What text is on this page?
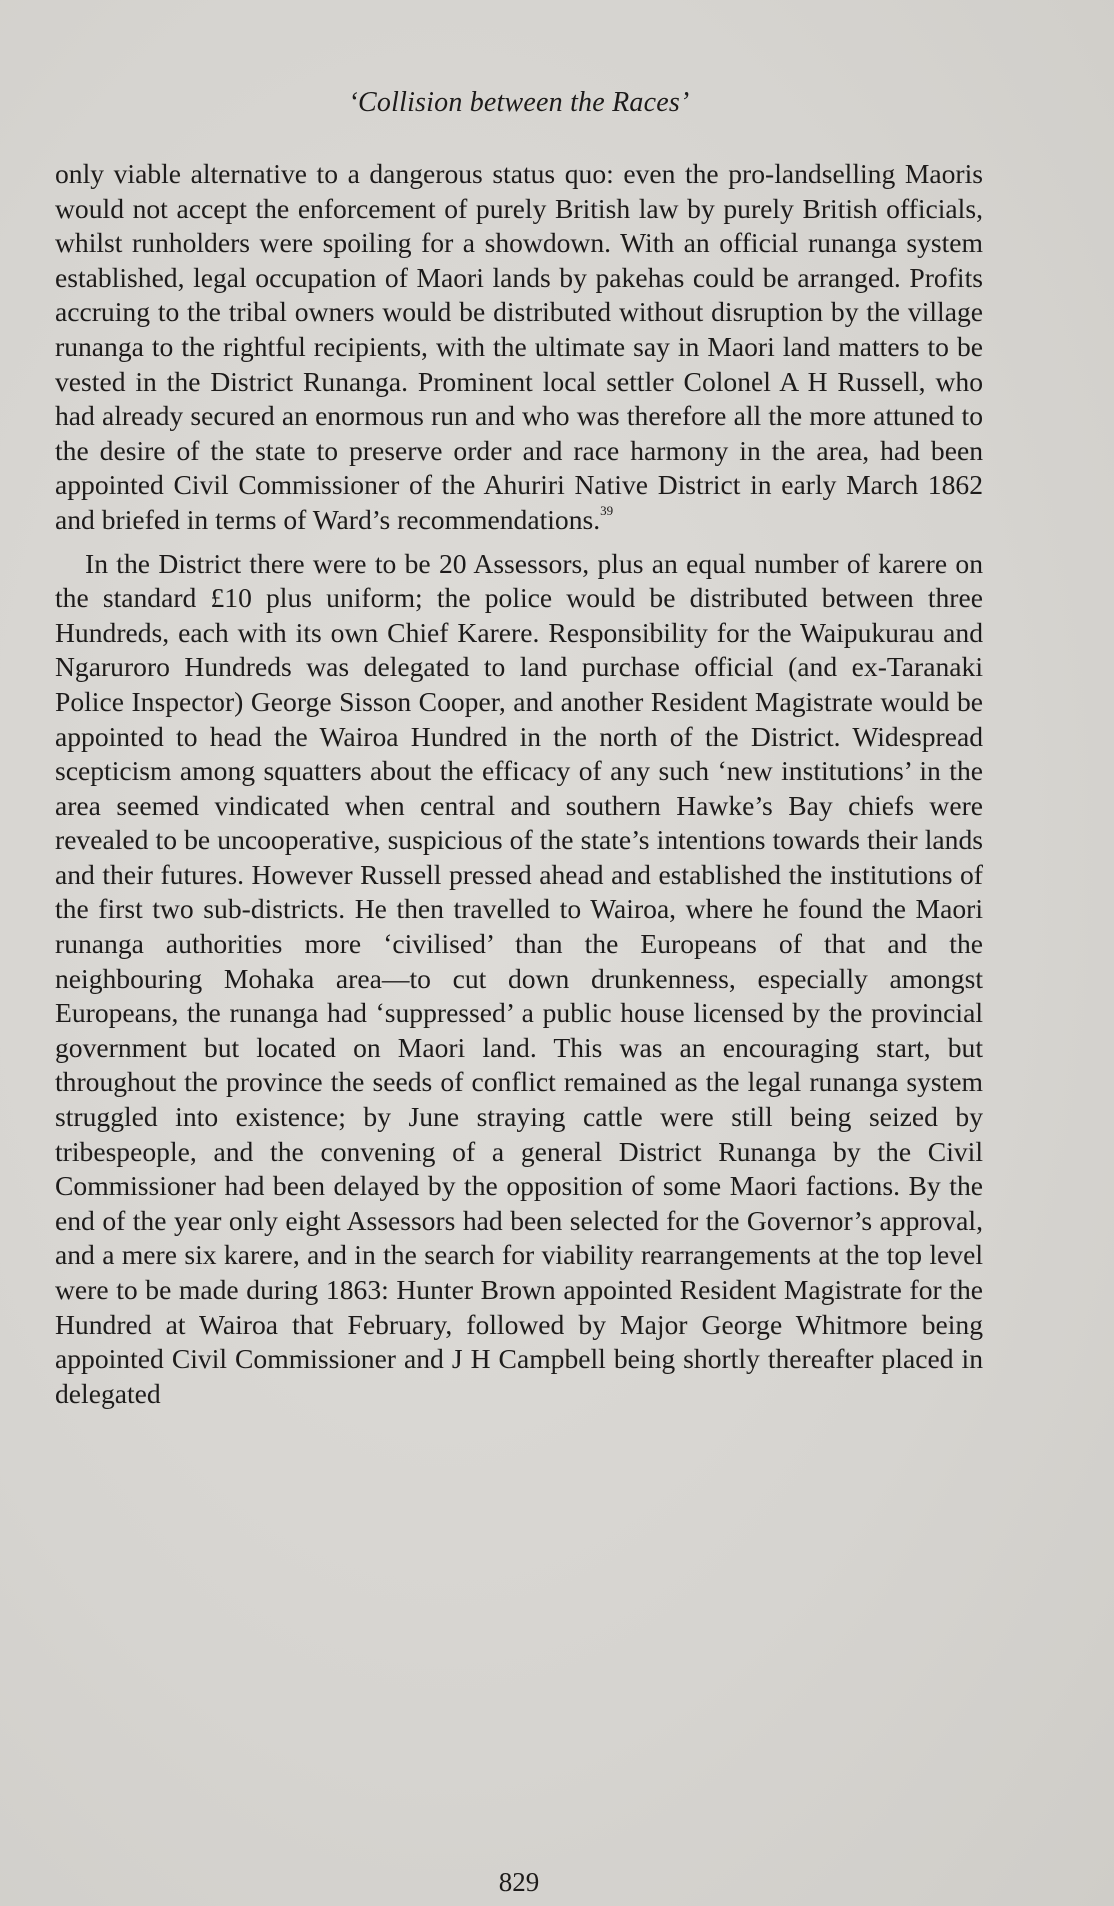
‘Collision between the Races’

only viable alternative to a dangerous status quo: even the pro-landselling Maoris would not accept the enforcement of purely British law by purely British officials, whilst runholders were spoiling for a showdown. With an official runanga system established, legal occupation of Maori lands by pakehas could be arranged. Profits accruing to the tribal owners would be distributed without disruption by the village runanga to the rightful recipients, with the ultimate say in Maori land matters to be vested in the District Runanga. Prominent local settler Colonel A H Russell, who had already secured an enormous run and who was therefore all the more attuned to the desire of the state to preserve order and race harmony in the area, had been appointed Civil Commissioner of the Ahuriri Native District in early March 1862 and briefed in terms of Ward’s recommendations.$^{39}$

In the District there were to be 20 Assessors, plus an equal number of karere on the standard £10 plus uniform; the police would be distributed between three Hundreds, each with its own Chief Karere. Responsibility for the Waipukurau and Ngaruroro Hundreds was delegated to land purchase official (and ex-Taranaki Police Inspector) George Sisson Cooper, and another Resident Magistrate would be appointed to head the Wairoa Hundred in the north of the District. Widespread scepticism among squatters about the efficacy of any such ‘new institutions’ in the area seemed vindicated when central and southern Hawke’s Bay chiefs were revealed to be uncooperative, suspicious of the state’s intentions towards their lands and their futures. However Russell pressed ahead and established the institutions of the first two sub-districts. He then travelled to Wairoa, where he found the Maori runanga authorities more ‘civilised’ than the Europeans of that and the neighbouring Mohaka area—to cut down drunkenness, especially amongst Europeans, the runanga had ‘suppressed’ a public house licensed by the provincial government but located on Maori land. This was an encouraging start, but throughout the province the seeds of conflict remained as the legal runanga system struggled into existence; by June straying cattle were still being seized by tribespeople, and the convening of a general District Runanga by the Civil Commissioner had been delayed by the opposition of some Maori factions. By the end of the year only eight Assessors had been selected for the Governor’s approval, and a mere six karere, and in the search for viability rearrangements at the top level were to be made during 1863: Hunter Brown appointed Resident Magistrate for the Hundred at Wairoa that February, followed by Major George Whitmore being appointed Civil Commissioner and J H Campbell being shortly thereafter placed in delegated

829
